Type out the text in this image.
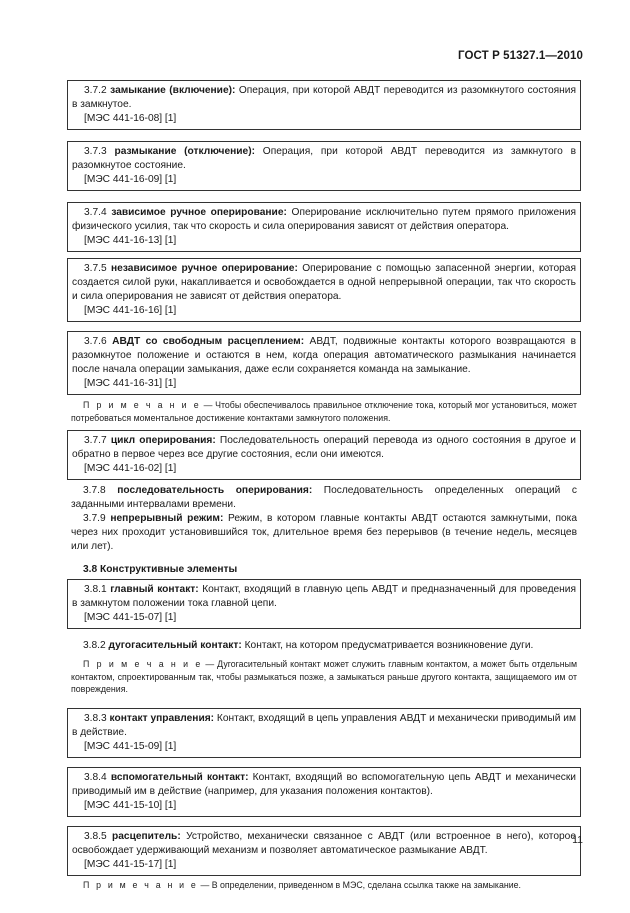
ГОСТ Р 51327.1—2010

3.7.2 замыкание (включение): Операция, при которой АВДТ переводится из разомкнутого состояния в замкнутое.

[МЭС 441-16-08] [1]

3.7.3 размыкание (отключение): Операция, при которой АВДТ переводится из замкнутого в разомкнутое состояние.

[МЭС 441-16-09] [1]

3.7.4 зависимое ручное оперирование: Оперирование исключительно путем прямого приложения физического усилия, так что скорость и сила оперирования зависят от действия оператора.

[МЭС 441-16-13] [1]

3.7.5 независимое ручное оперирование: Оперирование с помощью запасенной энергии, которая создается силой руки, накапливается и освобождается в одной непрерывной операции, так что скорость и сила оперирования не зависят от действия оператора.

[МЭС 441-16-16] [1]

3.7.6 АВДТ со свободным расцеплением: АВДТ, подвижные контакты которого возвращаются в разомкнутое положение и остаются в нем, когда операция автоматического размыкания начинается после начала операции замыкания, даже если сохраняется команда на замыкание.

[МЭС 441-16-31] [1]

П р и м е ч а н и е — Чтобы обеспечивалось правильное отключение тока, который мог установиться, может потребоваться моментальное достижение контактами замкнутого положения.

3.7.7 цикл оперирования: Последовательность операций перевода из одного состояния в другое и обратно в первое через все другие состояния, если они имеются.

[МЭС 441-16-02] [1]

3.7.8 последовательность оперирования: Последовательность определенных операций с заданными интервалами времени.

3.7.9 непрерывный режим: Режим, в котором главные контакты АВДТ остаются замкнутыми, пока через них проходит установившийся ток, длительное время без перерывов (в течение недель, месяцев или лет).

3.8 Конструктивные элементы

3.8.1 главный контакт: Контакт, входящий в главную цепь АВДТ и предназначенный для проведения в замкнутом положении тока главной цепи.

[МЭС 441-15-07] [1]

3.8.2 дугогасительный контакт: Контакт, на котором предусматривается возникновение дуги.

П р и м е ч а н и е — Дугогасительный контакт может служить главным контактом, а может быть отдельным контактом, спроектированным так, чтобы размыкаться позже, а замыкаться раньше другого контакта, защищаемого им от повреждения.

3.8.3 контакт управления: Контакт, входящий в цепь управления АВДТ и механически приводимый им в действие.

[МЭС 441-15-09] [1]

3.8.4 вспомогательный контакт: Контакт, входящий во вспомогательную цепь АВДТ и механически приводимый им в действие (например, для указания положения контактов).

[МЭС 441-15-10] [1]

3.8.5 расцепитель: Устройство, механически связанное с АВДТ (или встроенное в него), которое освобождает удерживающий механизм и позволяет автоматическое размыкание АВДТ.

[МЭС 441-15-17] [1]

П р и м е ч а н и е — В определении, приведенном в МЭС, сделана ссылка также на замыкание.

11
